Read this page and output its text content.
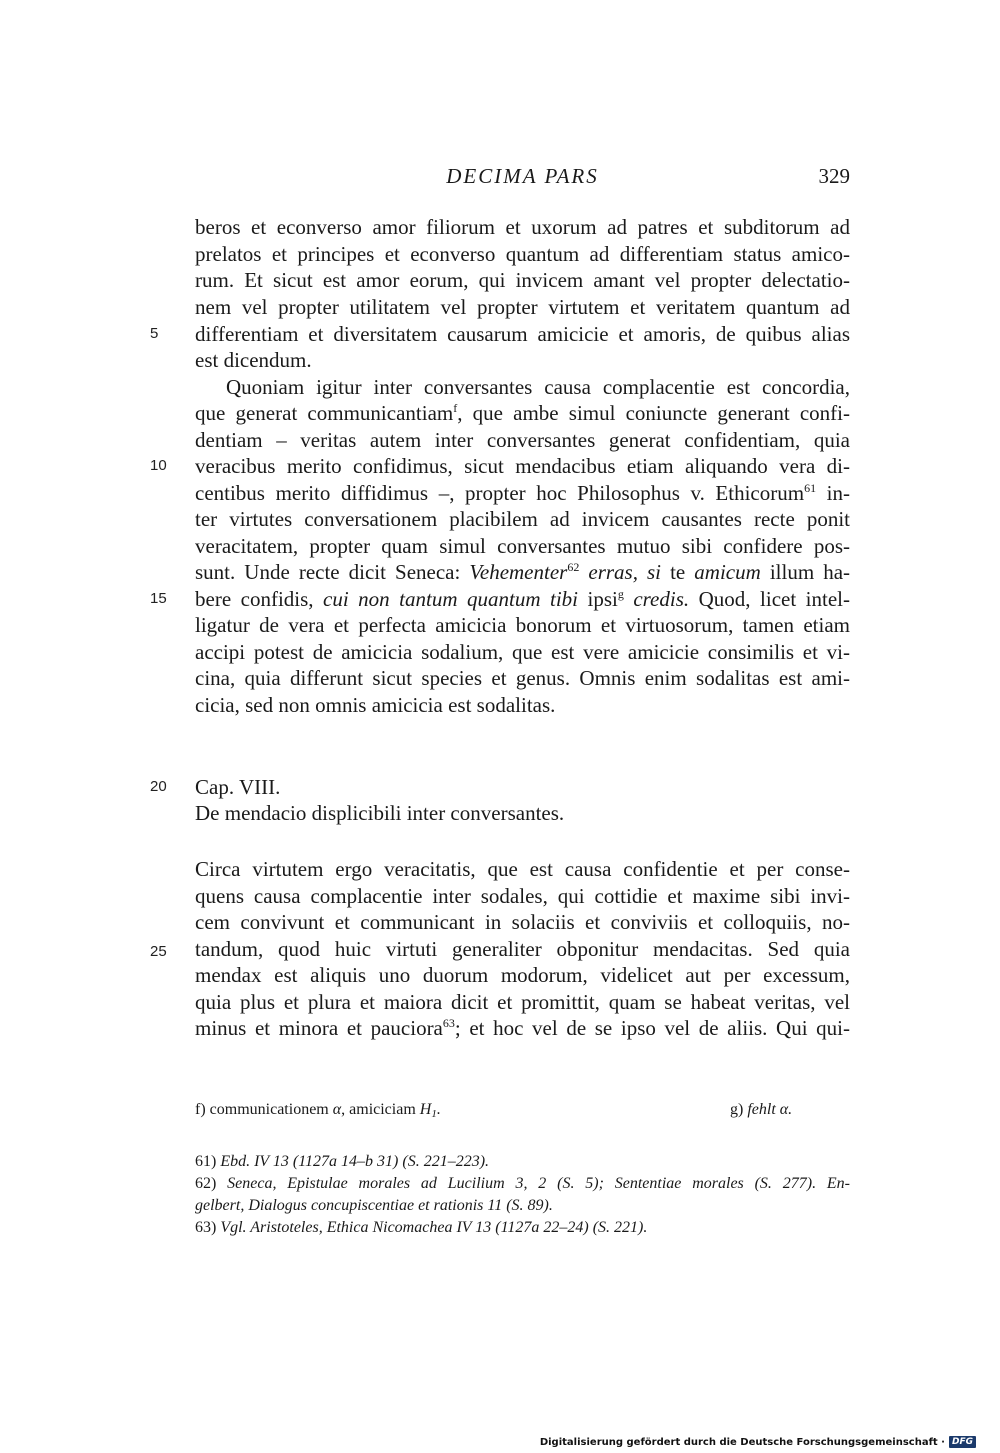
DECIMA PARS	329
5
10
15
20
25
beros et econverso amor filiorum et uxorum ad patres et subditorum ad
prelatos et principes et econverso quantum ad differentiam status amico-
rum. Et sicut est amor eorum, qui invicem amant vel propter delectatio-
nem vel propter utilitatem vel propter virtutem et veritatem quantum ad
differentiam et diversitatem causarum amicicie et amoris, de quibus alias
est dicendum.
Quoniam igitur inter conversantes causa complacentie est concordia,
que generat communicantiam$^f$, que ambe simul coniuncte generant confi-
dentiam – veritas autem inter conversantes generat confidentiam, quia
veracibus merito confidimus, sicut mendacibus etiam aliquando vera di-
centibus merito diffidimus –, propter hoc Philosophus v. Ethicorum$^{61}$ in-
ter virtutes conversationem placibilem ad invicem causantes recte ponit
veracitatem, propter quam simul conversantes mutuo sibi confidere pos-
sunt. Unde recte dicit Seneca: Vehementer$^{62}$ erras, si te amicum illum ha-
bere confidis, cui non tantum quantum tibi ipsi$^g$ credis. Quod, licet intel-
ligatur de vera et perfecta amicicia bonorum et virtuosorum, tamen etiam
accipi potest de amicicia sodalium, que est vere amicicie consimilis et vi-
cina, quia differunt sicut species et genus. Omnis enim sodalitas est ami-
cicia, sed non omnis amicicia est sodalitas.
Cap. VIII.
De mendacio displicibili inter conversantes.
Circa virtutem ergo veracitatis, que est causa confidentie et per conse-
quens causa complacentie inter sodales, qui cottidie et maxime sibi invi-
cem convivunt et communicant in solaciis et conviviis et colloquiis, no-
tandum, quod huic virtuti generaliter obponitur mendacitas. Sed quia
mendax est aliquis uno duorum modorum, videlicet aut per excessum,
quia plus et plura et maiora dicit et promittit, quam se habeat veritas, vel
minus et minora et pauciora$^{63}$; et hoc vel de se ipso vel de aliis. Qui qui-
f) communicationem α, amiciciam $H_1$.	g) fehlt α.
61) Ebd. IV 13 (1127a 14–b 31) (S. 221–223).
62) Seneca, Epistulae morales ad Lucilium 3, 2 (S. 5); Sententiae morales (S. 277). En-
gelbert, Dialogus concupiscentiae et rationis 11 (S. 89).
63) Vgl. Aristoteles, Ethica Nicomachea IV 13 (1127a 22–24) (S. 221).
Digitalisierung gefördert durch die Deutsche Forschungsgemeinschaft · DFG
